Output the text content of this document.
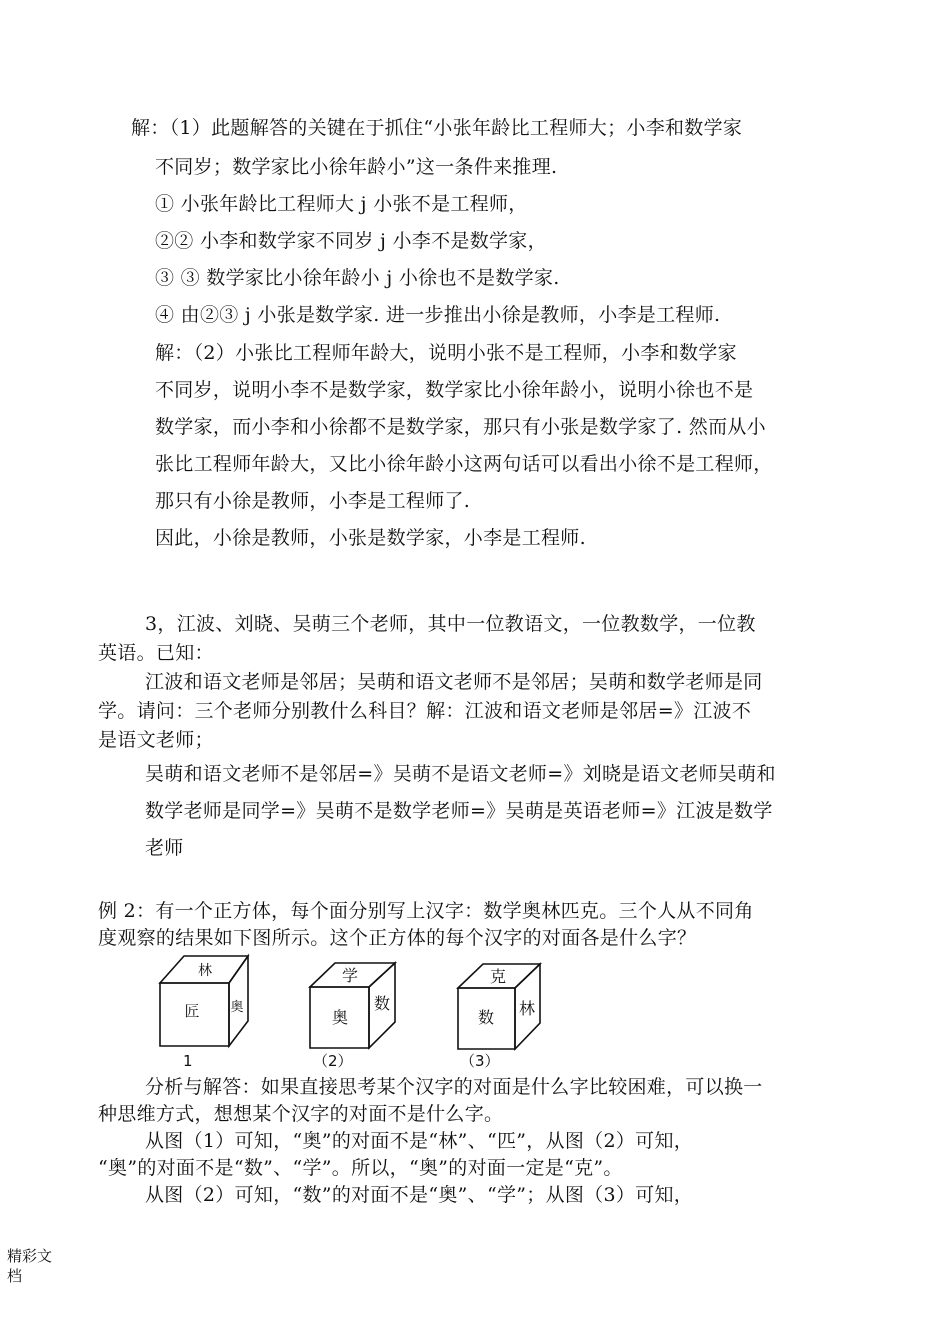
解：（1）此题解答的关键在于抓住“小张年龄比工程师大；小李和数学家
不同岁；数学家比小徐年龄小”这一条件来推理.
① 小张年龄比工程师大 j 小张不是工程师，
②② 小李和数学家不同岁 j 小李不是数学家，
③ ③ 数学家比小徐年龄小 j 小徐也不是数学家.
④ 由②③ j 小张是数学家. 进一步推出小徐是教师，小李是工程师.
解：（2）小张比工程师年龄大，说明小张不是工程师，小李和数学家
不同岁，说明小李不是数学家，数学家比小徐年龄小，说明小徐也不是
数学家，而小李和小徐都不是数学家，那只有小张是数学家了. 然而从小
张比工程师年龄大，又比小徐年龄小这两句话可以看出小徐不是工程师，
那只有小徐是教师，小李是工程师了.
因此，小徐是教师，小张是数学家，小李是工程师.
3，江波、刘晓、吴萌三个老师，其中一位教语文，一位教数学，一位教
英语。已知：
江波和语文老师是邻居；吴萌和语文老师不是邻居；吴萌和数学老师是同
学。请问：三个老师分别教什么科目？解：江波和语文老师是邻居=》江波不
是语文老师；
吴萌和语文老师不是邻居=》吴萌不是语文老师=》刘晓是语文老师吴萌和
数学老师是同学=》吴萌不是数学老师=》吴萌是英语老师=》江波是数学
老师
例 2：有一个正方体，每个面分别写上汉字：数学奥林匹克。三个人从不同角
度观察的结果如下图所示。这个正方体的每个汉字的对面各是什么字？
林
匠 奥
1
学
奥
数
（2）
克
数 林
（3）
分析与解答：如果直接思考某个汉字的对面是什么字比较困难，可以换一
种思维方式，想想某个汉字的对面不是什么字。
从图（1）可知，“奥”的对面不是“林”、“匹”，从图（2）可知，
“奥”的对面不是“数”、“学”。所以，“奥”的对面一定是“克”。
从图（2）可知，“数”的对面不是“奥”、“学”；从图（3）可知，
精彩文
档
